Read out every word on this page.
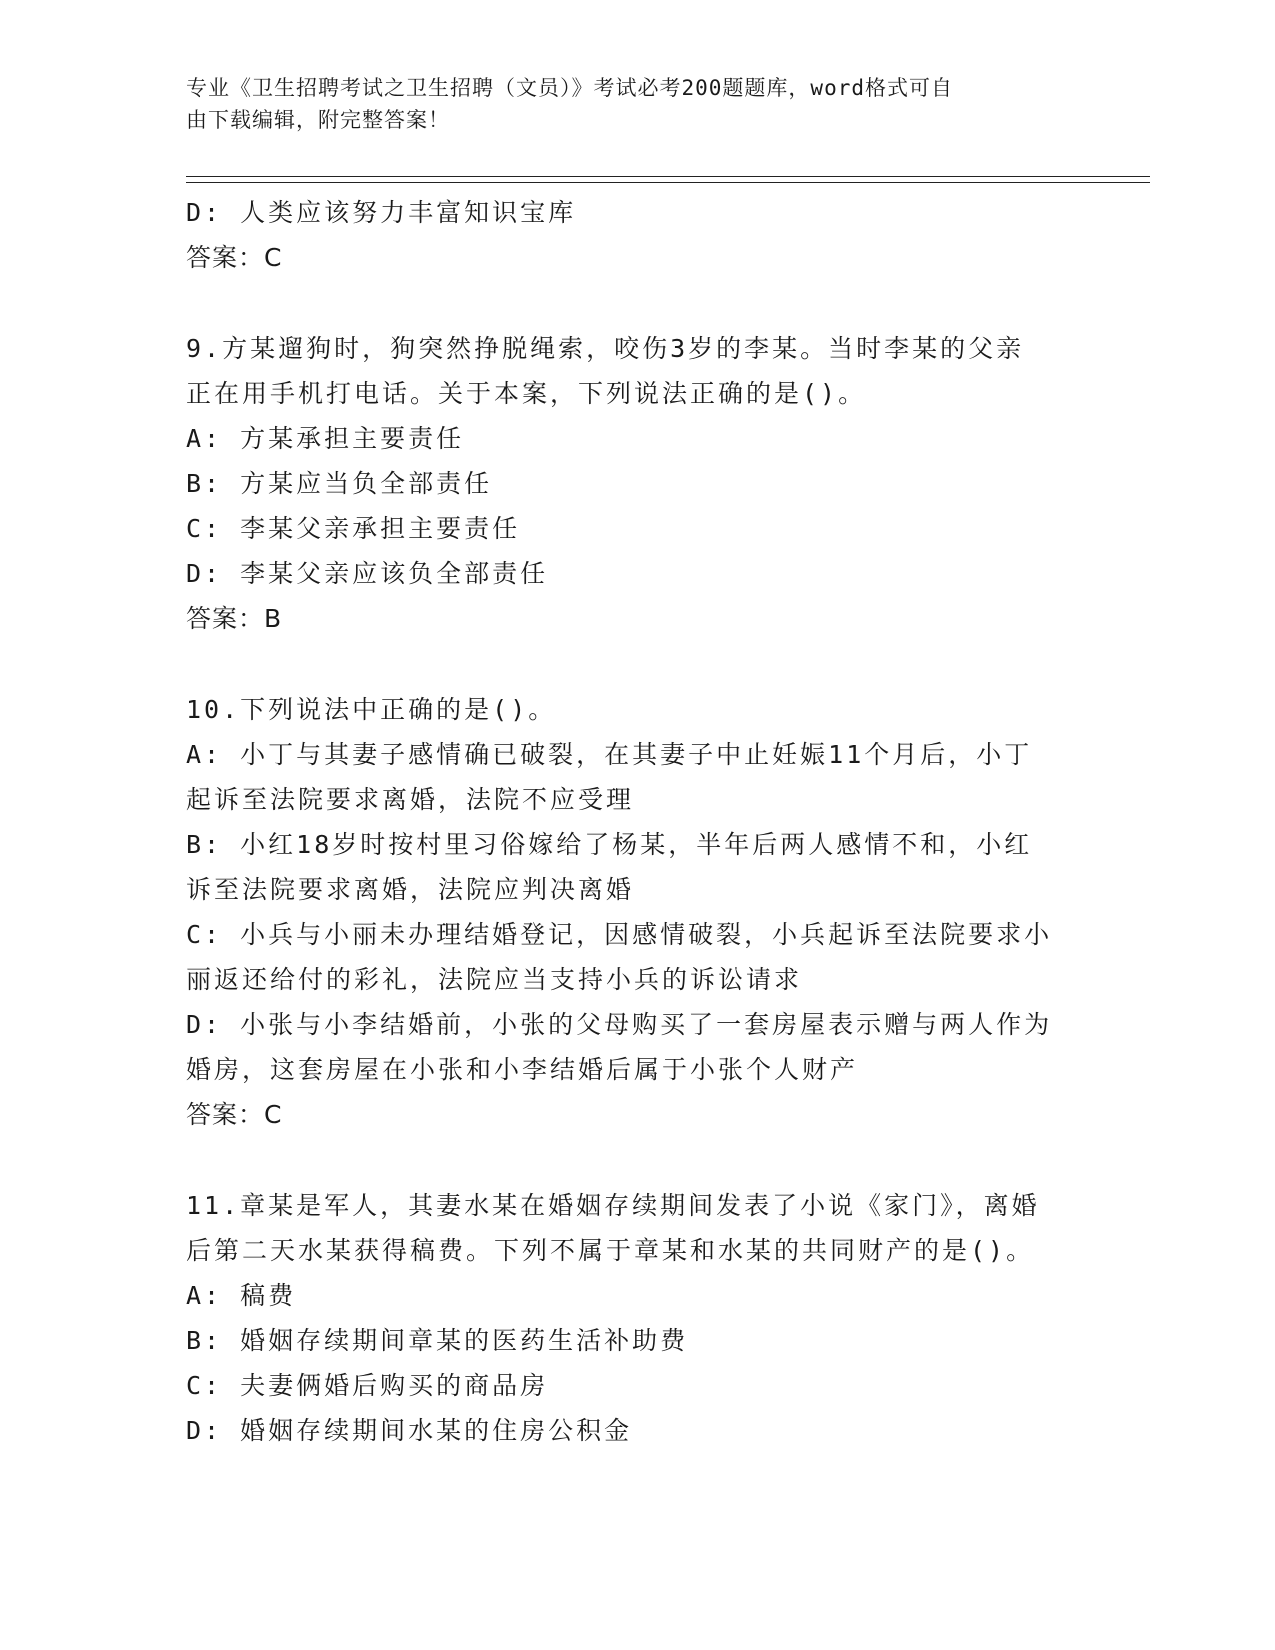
专业《卫生招聘考试之卫生招聘（文员）》考试必考200题题库，word格式可自
由下载编辑，附完整答案！
D: 人类应该努力丰富知识宝库
答案：C
9.方某遛狗时，狗突然挣脱绳索，咬伤3岁的李某。当时李某的父亲
正在用手机打电话。关于本案，下列说法正确的是()。
A: 方某承担主要责任
B: 方某应当负全部责任
C: 李某父亲承担主要责任
D: 李某父亲应该负全部责任
答案：B
10.下列说法中正确的是()。
A: 小丁与其妻子感情确已破裂，在其妻子中止妊娠11个月后，小丁
起诉至法院要求离婚，法院不应受理
B: 小红18岁时按村里习俗嫁给了杨某，半年后两人感情不和，小红
诉至法院要求离婚，法院应判决离婚
C: 小兵与小丽未办理结婚登记，因感情破裂，小兵起诉至法院要求小
丽返还给付的彩礼，法院应当支持小兵的诉讼请求
D: 小张与小李结婚前，小张的父母购买了一套房屋表示赠与两人作为
婚房，这套房屋在小张和小李结婚后属于小张个人财产
答案：C
11.章某是军人，其妻水某在婚姻存续期间发表了小说《家门》，离婚
后第二天水某获得稿费。下列不属于章某和水某的共同财产的是()。
A: 稿费
B: 婚姻存续期间章某的医药生活补助费
C: 夫妻俩婚后购买的商品房
D: 婚姻存续期间水某的住房公积金
